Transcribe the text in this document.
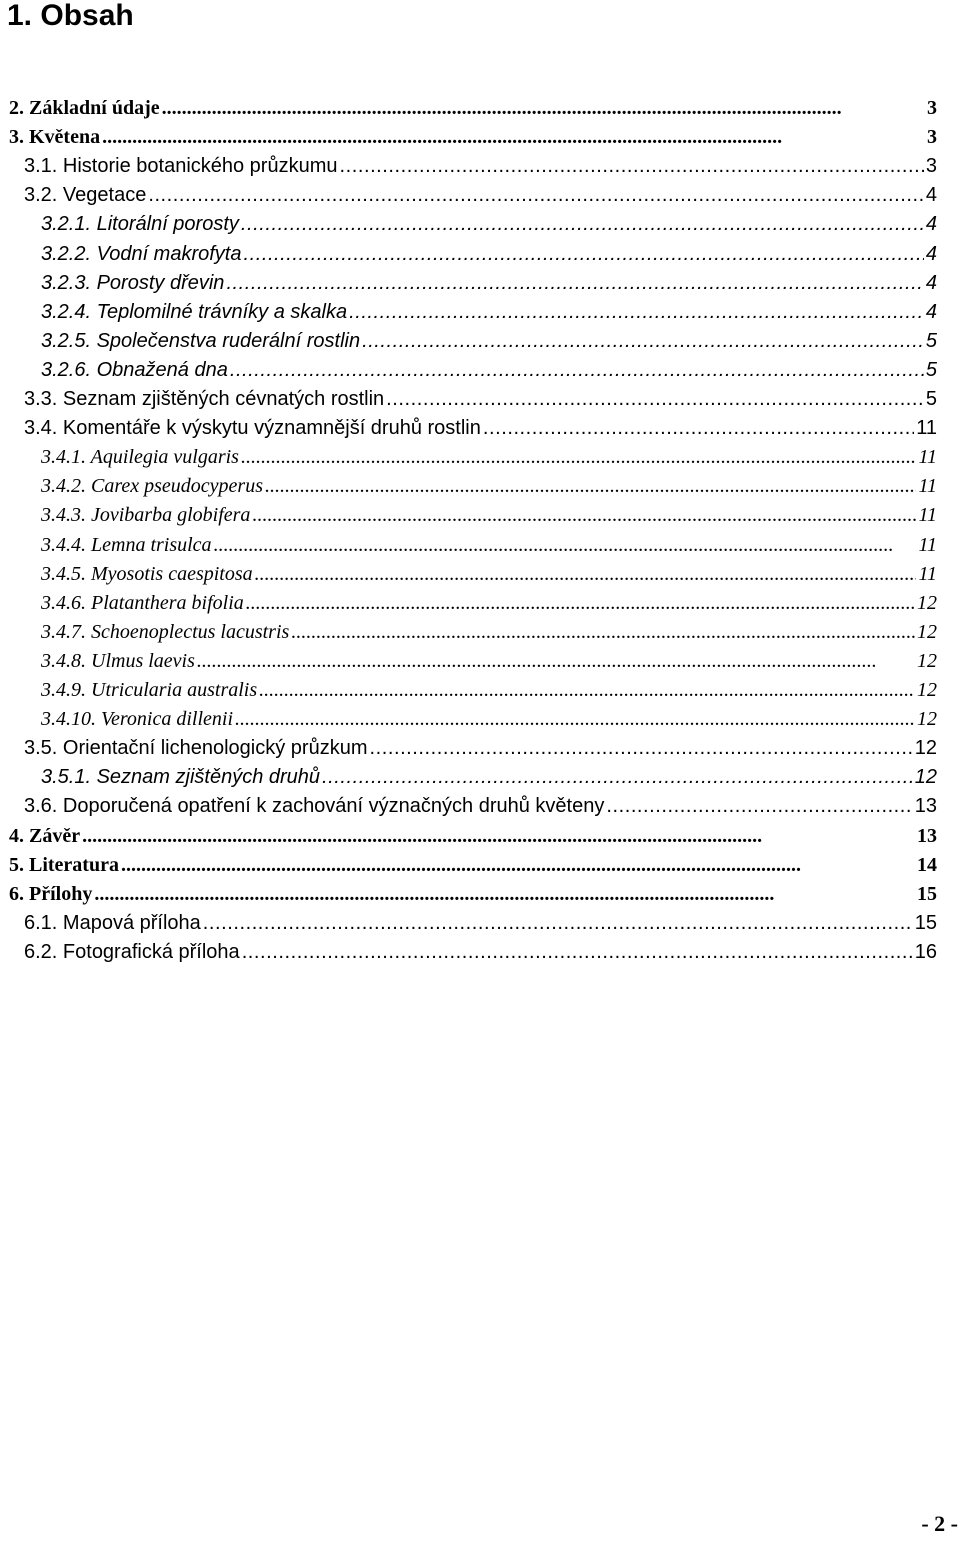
1. Obsah
2. Základní údaje . . .	3
3. Květena . . .	3
3.1. Historie botanického průzkumu . . .	3
3.2. Vegetace . . .	4
3.2.1. Litorální porosty . . .	4
3.2.2. Vodní makrofyta . . .	4
3.2.3. Porosty dřevin . . .	4
3.2.4. Teplomilné trávníky a skalka . . .	4
3.2.5. Společenstva ruderální rostlin . . .	5
3.2.6. Obnažená dna . . .	5
3.3. Seznam zjištěných cévnatých rostlin . . .	5
3.4. Komentáře k výskytu významnější druhů rostlin . . .	11
3.4.1. Aquilegia vulgaris . . .	11
3.4.2. Carex pseudocyperus . . .	11
3.4.3. Jovibarba globifera . . .	11
3.4.4. Lemna trisulca . . .	11
3.4.5. Myosotis caespitosa . . .	11
3.4.6. Platanthera bifolia . . .	12
3.4.7. Schoenoplectus lacustris . . .	12
3.4.8. Ulmus laevis . . .	12
3.4.9. Utricularia australis . . .	12
3.4.10. Veronica dillenii . . .	12
3.5. Orientační lichenologický průzkum . . .	12
3.5.1. Seznam zjištěných druhů . . .	12
3.6. Doporučená opatření k zachování význačných druhů květeny . . .	13
4. Závěr . . .	13
5. Literatura . . .	14
6. Přílohy . . .	15
6.1. Mapová příloha . . .	15
6.2. Fotografická příloha . . .	16
- 2 -
